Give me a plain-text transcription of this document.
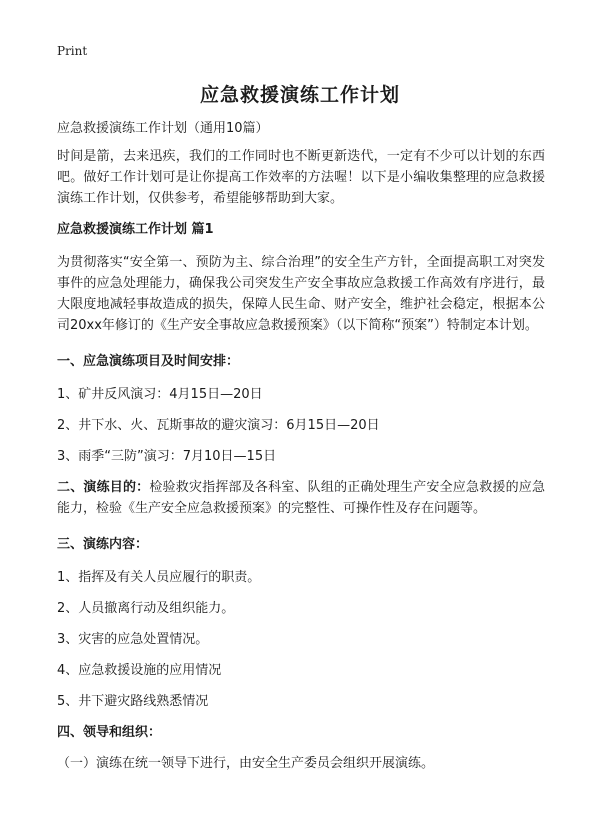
Print
应急救援演练工作计划

应急救援演练工作计划（通用10篇）

时间是箭，去来迅疾，我们的工作同时也不断更新迭代，一定有不少可以计划的东西吧。做好工作计划可是让你提高工作效率的方法喔！以下是小编收集整理的应急救援演练工作计划，仅供参考，希望能够帮助到大家。

应急救援演练工作计划 篇1

为贯彻落实“安全第一、预防为主、综合治理”的安全生产方针，全面提高职工对突发事件的应急处理能力，确保我公司突发生产安全事故应急救援工作高效有序进行，最大限度地减轻事故造成的损失，保障人民生命、财产安全，维护社会稳定，根据本公司20xx年修订的《生产安全事故应急救援预案》（以下简称“预案”）特制定本计划。

一、应急演练项目及时间安排：

1、矿井反风演习：4月15日—20日

2、井下水、火、瓦斯事故的避灾演习：6月15日—20日

3、雨季“三防”演习：7月10日—15日

二、演练目的：检验救灾指挥部及各科室、队组的正确处理生产安全应急救援的应急能力，检验《生产安全应急救援预案》的完整性、可操作性及存在问题等。

三、演练内容：

1、指挥及有关人员应履行的职责。

2、人员撤离行动及组织能力。

3、灾害的应急处置情况。

4、应急救援设施的应用情况

5、井下避灾路线熟悉情况

四、领导和组织：

（一）演练在统一领导下进行，由安全生产委员会组织开展演练。
